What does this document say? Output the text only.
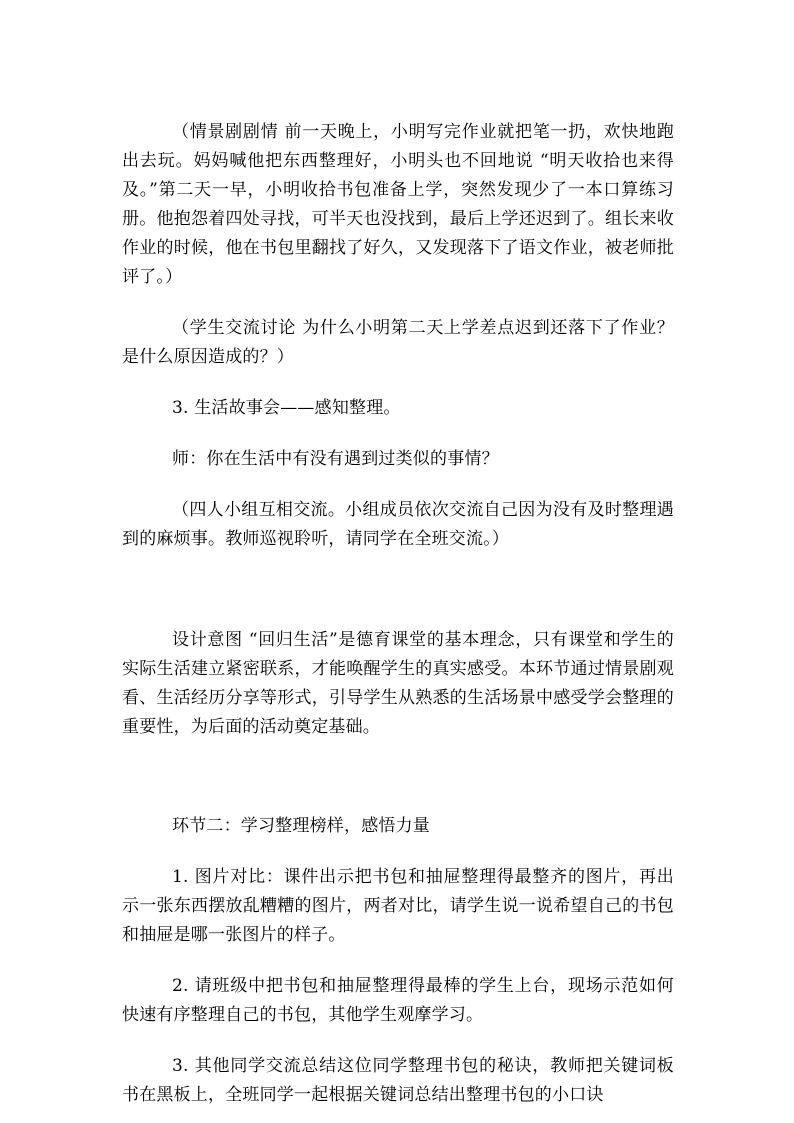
（情景剧剧情 前一天晚上，小明写完作业就把笔一扔，欢快地跑出去玩。妈妈喊他把东西整理好，小明头也不回地说 “明天收拾也来得及。”第二天一早，小明收拾书包准备上学，突然发现少了一本口算练习册。他抱怨着四处寻找，可半天也没找到，最后上学还迟到了。组长来收作业的时候，他在书包里翻找了好久，又发现落下了语文作业，被老师批评了。）

（学生交流讨论 为什么小明第二天上学差点迟到还落下了作业？是什么原因造成的？）

3. 生活故事会——感知整理。

师：你在生活中有没有遇到过类似的事情？

（四人小组互相交流。小组成员依次交流自己因为没有及时整理遇到的麻烦事。教师巡视聆听，请同学在全班交流。）

设计意图 “回归生活”是德育课堂的基本理念，只有课堂和学生的实际生活建立紧密联系，才能唤醒学生的真实感受。本环节通过情景剧观看、生活经历分享等形式，引导学生从熟悉的生活场景中感受学会整理的重要性，为后面的活动奠定基础。

环节二：学习整理榜样，感悟力量

1. 图片对比：课件出示把书包和抽屉整理得最整齐的图片，再出示一张东西摆放乱糟糟的图片，两者对比，请学生说一说希望自己的书包和抽屉是哪一张图片的样子。

2. 请班级中把书包和抽屉整理得最棒的学生上台，现场示范如何快速有序整理自己的书包，其他学生观摩学习。

3. 其他同学交流总结这位同学整理书包的秘诀，教师把关键词板书在黑板上，全班同学一起根据关键词总结出整理书包的小口诀
